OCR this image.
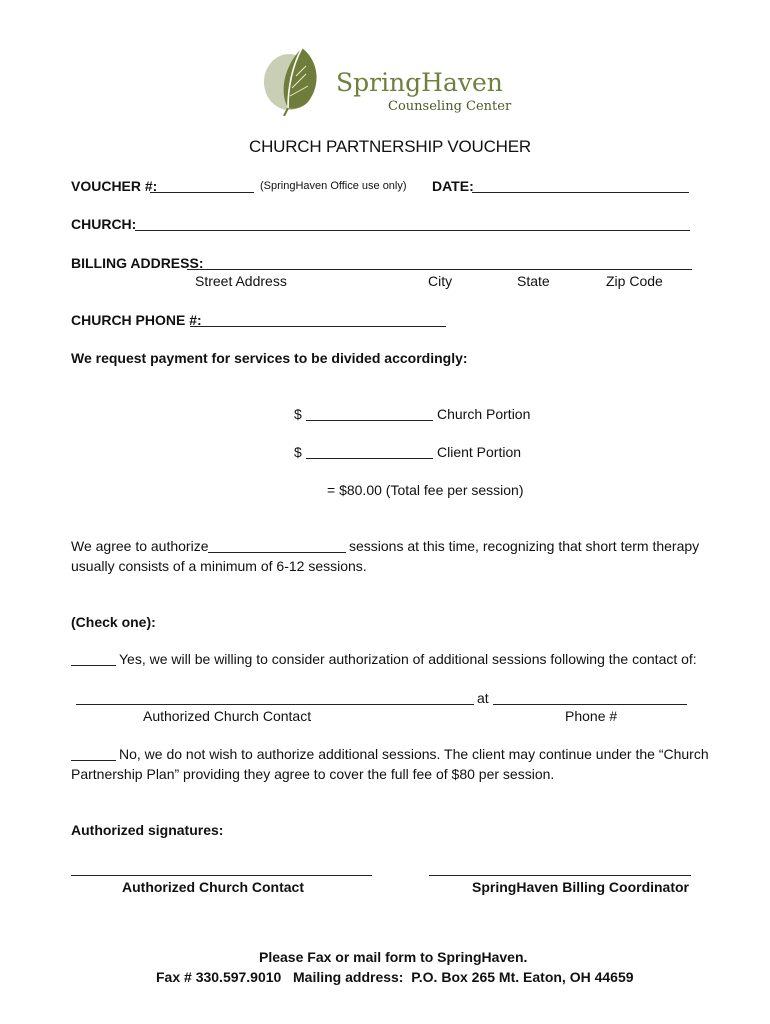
SpringHaven
Counseling Center
CHURCH PARTNERSHIP VOUCHER
VOUCHER #:	(SpringHaven Office use only) DATE:
CHURCH:
BILLING ADDRESS:
Street Address	City	State	Zip Code
CHURCH PHONE #:
We request payment for services to be divided accordingly:
$	Church Portion
$	Client Portion
= $80.00 (Total fee per session)
We agree to authorize	sessions at this time, recognizing that short term therapy
usually consists of a minimum of 6-12 sessions.
(Check one):
Yes, we will be willing to consider authorization of additional sessions following the contact of:
at
Authorized Church Contact	Phone #
No, we do not wish to authorize additional sessions. The client may continue under the “Church
Partnership Plan” providing they agree to cover the full fee of $80 per session.
Authorized signatures:
Authorized Church Contact	SpringHaven Billing Coordinator
Please Fax or mail form to SpringHaven.
Fax # 330.597.9010   Mailing address:  P.O. Box 265 Mt. Eaton, OH 44659
